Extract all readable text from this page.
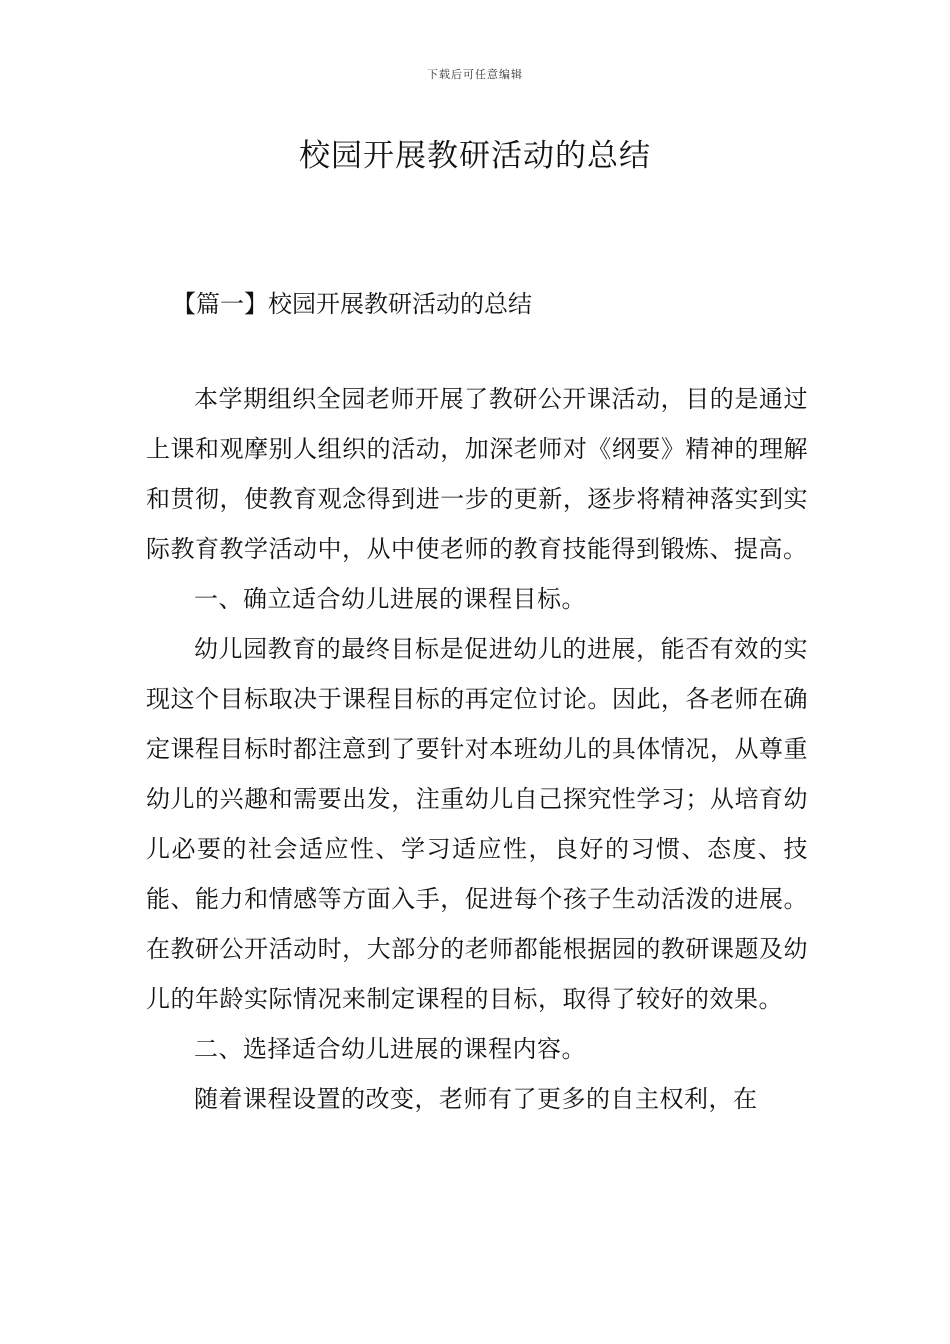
下载后可任意编辑
校园开展教研活动的总结
【篇一】校园开展教研活动的总结

本学期组织全园老师开展了教研公开课活动，目的是通过上课和观摩别人组织的活动，加深老师对《纲要》精神的理解和贯彻，使教育观念得到进一步的更新，逐步将精神落实到实际教育教学活动中，从中使老师的教育技能得到锻炼、提高。

一、确立适合幼儿进展的课程目标。

幼儿园教育的最终目标是促进幼儿的进展，能否有效的实现这个目标取决于课程目标的再定位讨论。因此，各老师在确定课程目标时都注意到了要针对本班幼儿的具体情况，从尊重幼儿的兴趣和需要出发，注重幼儿自己探究性学习；从培育幼儿必要的社会适应性、学习适应性，良好的习惯、态度、技能、能力和情感等方面入手，促进每个孩子生动活泼的进展。在教研公开活动时，大部分的老师都能根据园的教研课题及幼儿的年龄实际情况来制定课程的目标，取得了较好的效果。

二、选择适合幼儿进展的课程内容。

随着课程设置的改变，老师有了更多的自主权利，在
